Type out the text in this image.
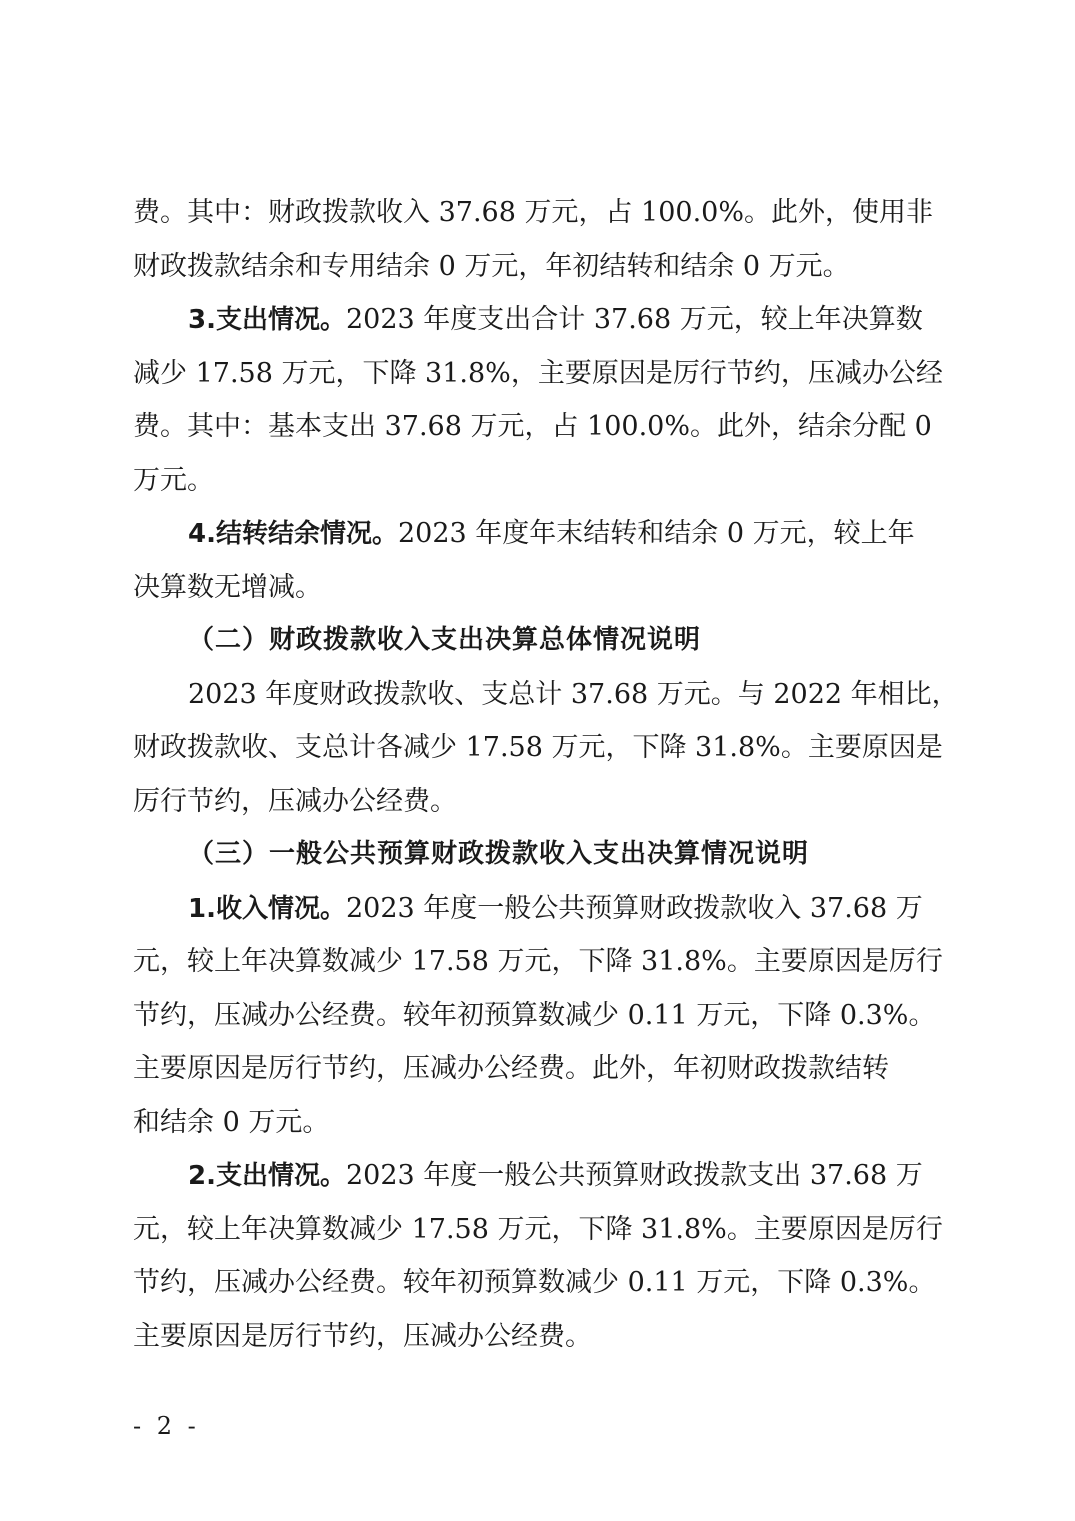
费。其中：财政拨款收入 37.68 万元，占 100.0%。此外，使用非
财政拨款结余和专用结余 0 万元，年初结转和结余 0 万元。
3.支出情况。2023 年度支出合计 37.68 万元，较上年决算数
减少 17.58 万元，下降 31.8%，主要原因是厉行节约，压减办公经
费。其中：基本支出 37.68 万元，占 100.0%。此外，结余分配 0
万元。
4.结转结余情况。2023 年度年末结转和结余 0 万元，较上年
决算数无增减。
（二）财政拨款收入支出决算总体情况说明
2023 年度财政拨款收、支总计 37.68 万元。与 2022 年相比，
财政拨款收、支总计各减少 17.58 万元，下降 31.8%。主要原因是
厉行节约，压减办公经费。
（三）一般公共预算财政拨款收入支出决算情况说明
1.收入情况。2023 年度一般公共预算财政拨款收入 37.68 万
元，较上年决算数减少 17.58 万元，下降 31.8%。主要原因是厉行
节约，压减办公经费。较年初预算数减少 0.11 万元，下降 0.3%。
主要原因是厉行节约，压减办公经费。此外，年初财政拨款结转
和结余 0 万元。
2.支出情况。2023 年度一般公共预算财政拨款支出 37.68 万
元，较上年决算数减少 17.58 万元，下降 31.8%。主要原因是厉行
节约，压减办公经费。较年初预算数减少 0.11 万元，下降 0.3%。
主要原因是厉行节约，压减办公经费。
- 2 -
